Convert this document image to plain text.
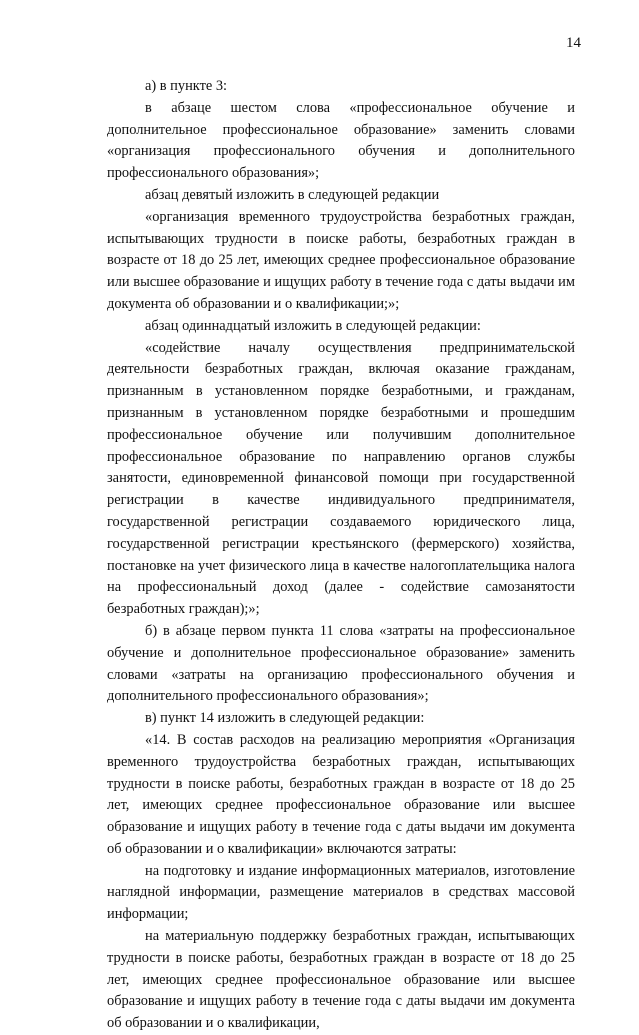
14

а) в пункте 3:

в абзаце шестом слова «профессиональное обучение и дополнительное профессиональное образование» заменить словами «организация профессионального обучения и дополнительного профессионального образования»;

абзац девятый изложить в следующей редакции

«организация временного трудоустройства безработных граждан, испытывающих трудности в поиске работы, безработных граждан в возрасте от 18 до 25 лет, имеющих среднее профессиональное образование или высшее образование и ищущих работу в течение года с даты выдачи им документа об образовании и о квалификации;»;

абзац одиннадцатый изложить в следующей редакции:

«содействие началу осуществления предпринимательской деятельности безработных граждан, включая оказание гражданам, признанным в установленном порядке безработными, и гражданам, признанным в установленном порядке безработными и прошедшим профессиональное обучение или получившим дополнительное профессиональное образование по направлению органов службы занятости, единовременной финансовой помощи при государственной регистрации в качестве индивидуального предпринимателя, государственной регистрации создаваемого юридического лица, государственной регистрации крестьянского (фермерского) хозяйства, постановке на учет физического лица в качестве налогоплательщика налога на профессиональный доход (далее - содействие самозанятости безработных граждан);»;

б) в абзаце первом пункта 11 слова «затраты на профессиональное обучение и дополнительное профессиональное образование» заменить словами «затраты на организацию профессионального обучения и дополнительного профессионального образования»;

в) пункт 14 изложить в следующей редакции:

«14. В состав расходов на реализацию мероприятия «Организация временного трудоустройства безработных граждан, испытывающих трудности в поиске работы, безработных граждан в возрасте от 18 до 25 лет, имеющих среднее профессиональное образование или высшее образование и ищущих работу в течение года с даты выдачи им документа об образовании и о квалификации» включаются затраты:

на подготовку и издание информационных материалов, изготовление наглядной информации, размещение материалов в средствах массовой информации;

на материальную поддержку безработных граждан, испытывающих трудности в поиске работы, безработных граждан в возрасте от 18 до 25 лет, имеющих среднее профессиональное образование или высшее образование и ищущих работу в течение года с даты выдачи им документа об образовании и о квалификации,
